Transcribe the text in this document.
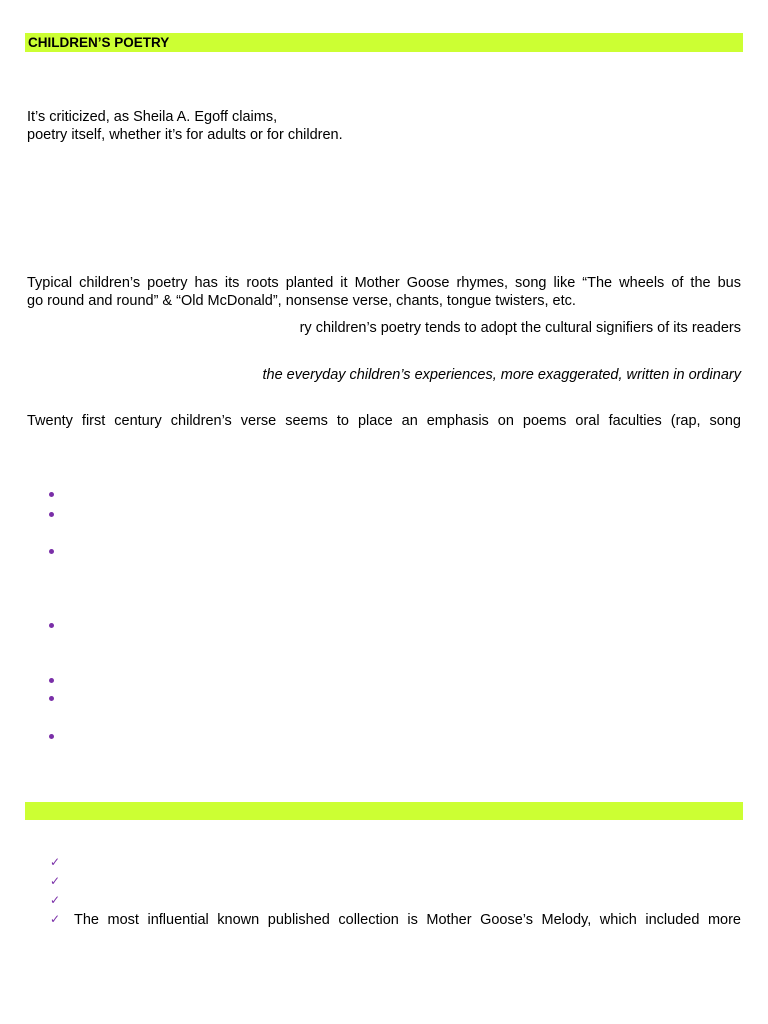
CHILDREN’S POETRY
It’s criticized, as Sheila A. Egoff claims,
poetry itself, whether it’s for adults or for children.
Typical children’s poetry has its roots planted it Mother Goose rhymes, song like “The wheels of the bus
go round and round” & “Old McDonald”, nonsense verse, chants, tongue twisters, etc.
ry children’s poetry tends to adopt the cultural signifiers of its readers
the everyday children’s experiences, more exaggerated, written in ordinary
Twenty first century children’s verse seems to place an emphasis on poems oral faculties (rap, song
✓
✓
✓
✓ The most influential known published collection is Mother Goose’s Melody, which included more
